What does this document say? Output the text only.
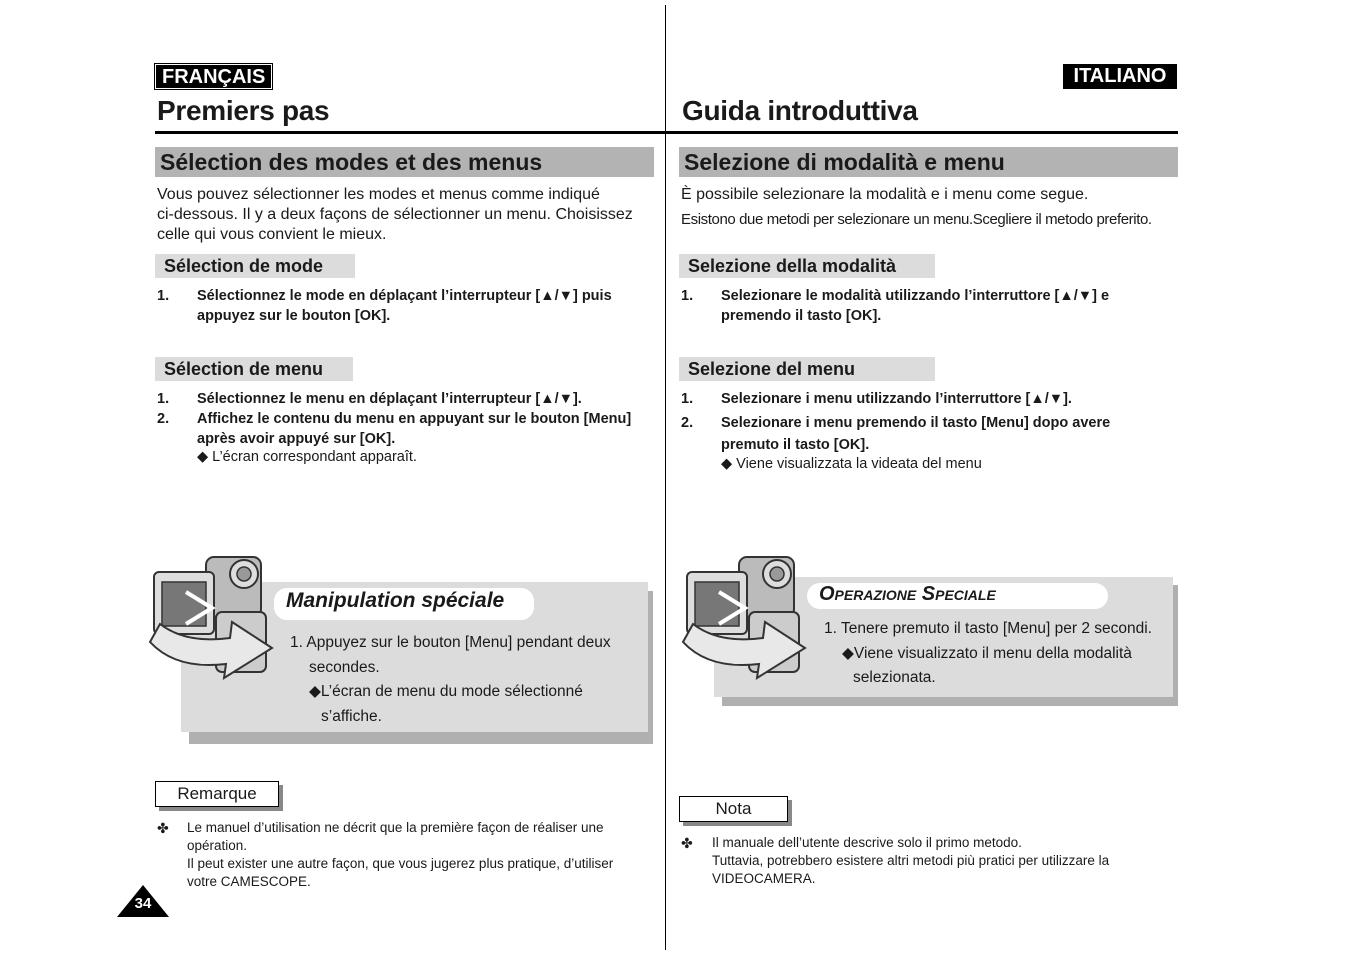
FRANÇAIS
Premiers pas
Sélection des modes et des menus
Vous pouvez sélectionner les modes et menus comme indiqué
ci-dessous. Il y a deux façons de sélectionner un menu. Choisissez
celle qui vous convient le mieux.
Sélection de mode
1. Sélectionnez le mode en déplaçant l’interrupteur [▲/▼] puis
appuyez sur le bouton [OK].
Sélection de menu
1. Sélectionnez le menu en déplaçant l’interrupteur [▲/▼].
2. Affichez le contenu du menu en appuyant sur le bouton [Menu]
après avoir appuyé sur [OK].
◆ L’écran correspondant apparaît.
Manipulation spéciale
1. Appuyez sur le bouton [Menu] pendant deux
secondes.
◆L’écran de menu du mode sélectionné
s’affiche.
Remarque
✤ Le manuel d’utilisation ne décrit que la première façon de réaliser une
opération.
Il peut exister une autre façon, que vous jugerez plus pratique, d’utiliser
votre CAMESCOPE.
34
ITALIANO
Guida introduttiva
Selezione di modalità e menu
È possibile selezionare la modalità e i menu come segue.
Esistono due metodi per selezionare un menu.Scegliere il metodo preferito.
Selezione della modalità
1. Selezionare le modalità utilizzando l’interruttore [▲/▼] e
premendo il tasto [OK].
Selezione del menu
1. Selezionare i menu utilizzando l’interruttore [▲/▼].
2. Selezionare i menu premendo il tasto [Menu] dopo avere
premuto il tasto [OK].
◆ Viene visualizzata la videata del menu
Operazione Speciale
1. Tenere premuto il tasto [Menu] per 2 secondi.
◆Viene visualizzato il menu della modalità
selezionata.
Nota
✤ Il manuale dell’utente descrive solo il primo metodo.
Tuttavia, potrebbero esistere altri metodi più pratici per utilizzare la
VIDEOCAMERA.
